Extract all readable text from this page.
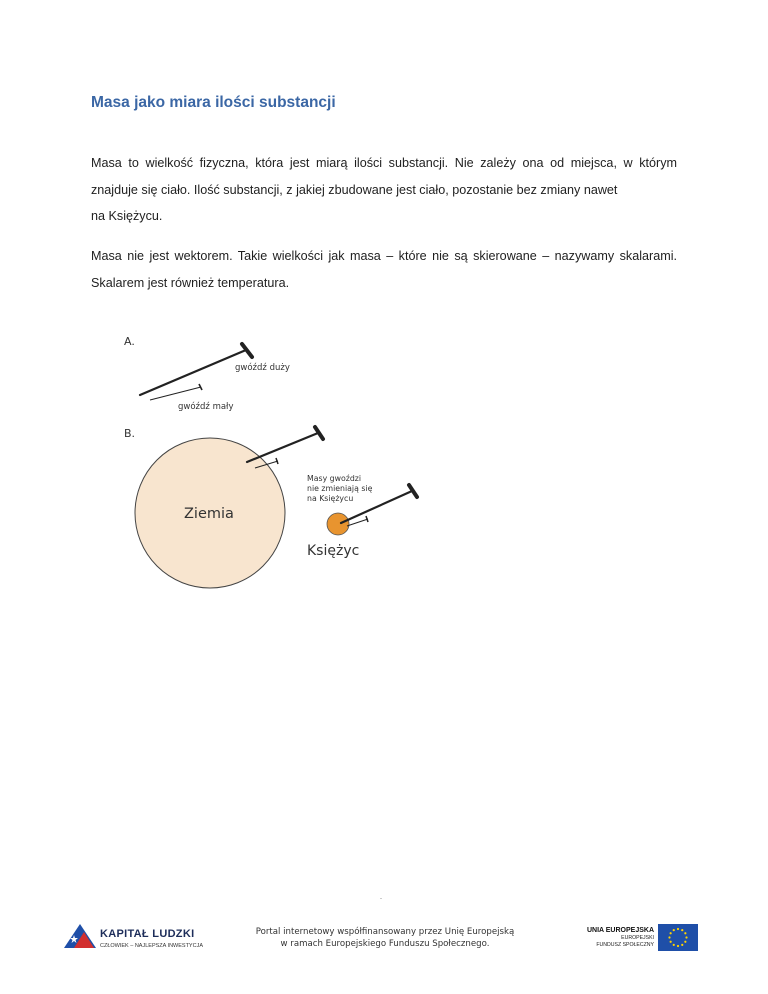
Masa jako miara ilości substancji

Masa to wielkość fizyczna, która jest miarą ilości substancji. Nie zależy ona od miejsca, w którym
znajduje się ciało. Ilość substancji, z jakiej zbudowane jest ciało, pozostanie bez zmiany nawet
na Księżycu.

Masa nie jest wektorem. Takie wielkości jak masa – które nie są skierowane – nazywamy skalarami.
Skalarem jest również temperatura.

A.
gwóźdź duży
gwóźdź mały
B.
Ziemia
Masy gwoździ nie zmieniają się na Księżycu
Księżyc

KAPITAŁ LUDZKI

CZŁOWIEK – NAJLEPSZA INWESTYCJA

Portal internetowy współfinansowany przez Unię Europejską
w ramach Europejskiego Funduszu Społecznego.
UNIA EUROPEJSKA
EUROPEJSKI
FUNDUSZ SPOŁECZNY
